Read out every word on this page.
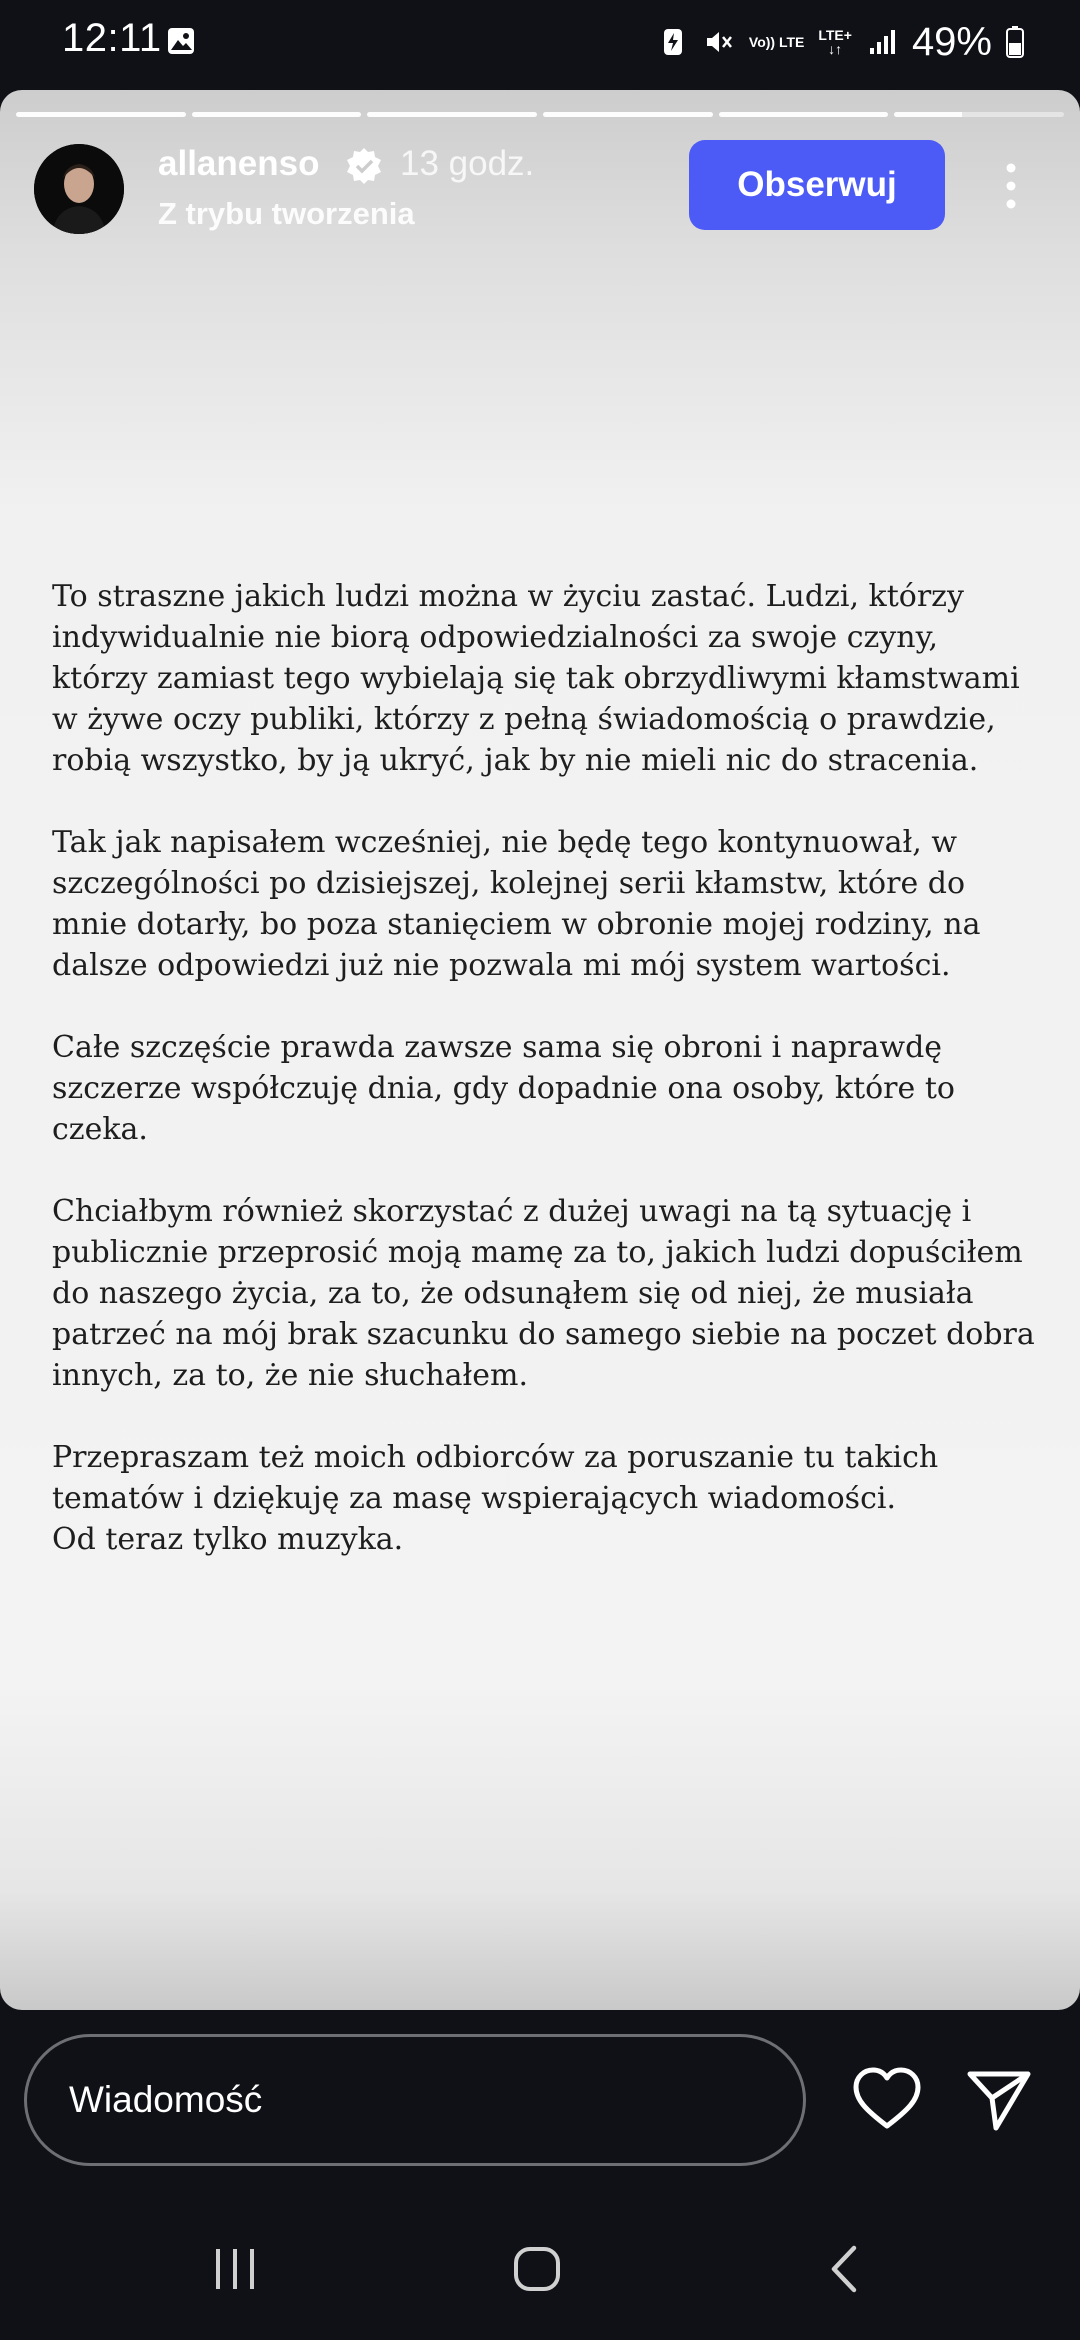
12:11	Vo)) LTE LTE+
↓↑ 49%
allanenso 13 godz.
Z trybu tworzenia
Obserwuj

To straszne jakich ludzi można w życiu zastać. Ludzi, którzy indywidualnie nie biorą odpowiedzialności za swoje czyny, którzy zamiast tego wybielają się tak obrzydliwymi kłamstwami w żywe oczy publiki, którzy z pełną świadomością o prawdzie, robią wszystko, by ją ukryć, jak by nie mieli nic do stracenia.

Tak jak napisałem wcześniej, nie będę tego kontynuował, w szczególności po dzisiejszej, kolejnej serii kłamstw, które do mnie dotarły, bo poza stanięciem w obronie mojej rodziny, na dalsze odpowiedzi już nie pozwala mi mój system wartości.

Całe szczęście prawda zawsze sama się obroni i naprawdę szczerze współczuję dnia, gdy dopadnie ona osoby, które to czeka.

Chciałbym również skorzystać z dużej uwagi na tą sytuację i publicznie przeprosić moją mamę za to, jakich ludzi dopuściłem do naszego życia, za to, że odsunąłem się od niej, że musiała patrzeć na mój brak szacunku do samego siebie na poczet dobra innych, za to, że nie słuchałem.

Przepraszam też moich odbiorców za poruszanie tu takich tematów i dziękuję za masę wspierających wiadomości.

Od teraz tylko muzyka.

Wiadomość
